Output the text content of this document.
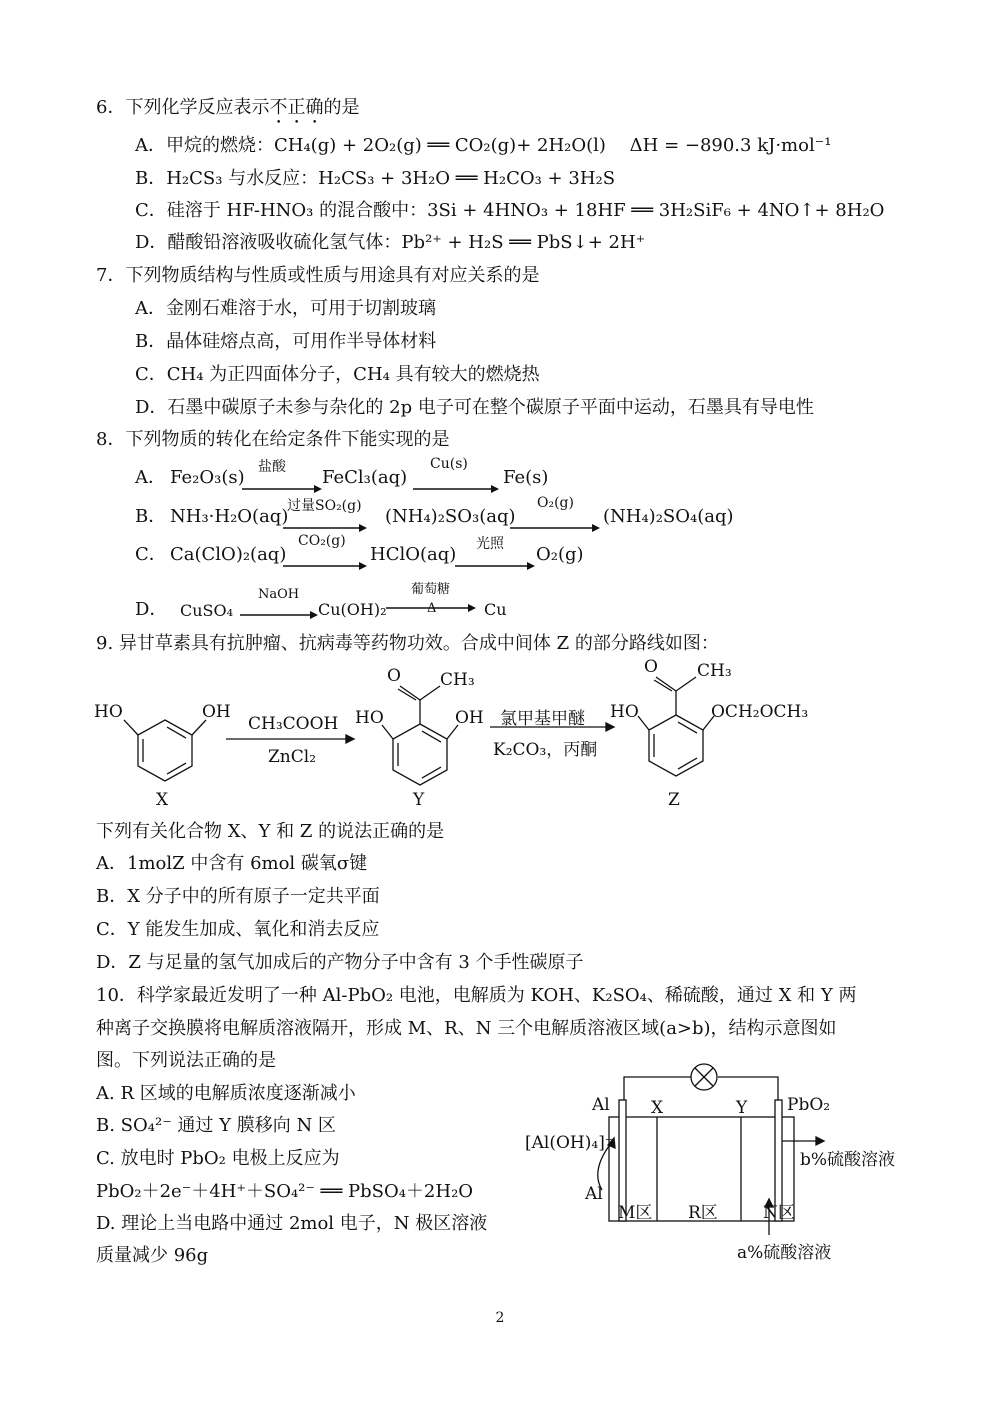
6．下列化学反应表示不正确的是
A．甲烷的燃烧：CH₄(g) + 2O₂(g) ══ CO₂(g)+ 2H₂O(l)　 ΔH = −890.3 kJ·mol⁻¹
B．H₂CS₃ 与水反应：H₂CS₃ + 3H₂O ══ H₂CO₃ + 3H₂S
C．硅溶于 HF-HNO₃ 的混合酸中：3Si + 4HNO₃ + 18HF ══ 3H₂SiF₆ + 4NO↑+ 8H₂O
D．醋酸铅溶液吸收硫化氢气体：Pb²⁺ + H₂S ══ PbS↓+ 2H⁺
7．下列物质结构与性质或性质与用途具有对应关系的是
A．金刚石难溶于水，可用于切割玻璃
B．晶体硅熔点高，可用作半导体材料
C．CH₄ 为正四面体分子，CH₄ 具有较大的燃烧热
D．石墨中碳原子未参与杂化的 2p 电子可在整个碳原子平面中运动，石墨具有导电性
8．下列物质的转化在给定条件下能实现的是
A． Fe₂O₃(s) 盐酸 FeCl₃(aq)
Cu(s)
Fe(s)
B． NH₃·H₂O(aq)
过量SO₂(g) (NH₄)₂SO₃(aq)
O₂(g)
(NH₄)₂SO₄(aq)
C． Ca(ClO)₂(aq)
CO₂(g)
HClO(aq) 光照 O₂(g)
D． CuSO₄
NaOH
Cu(OH)₂
葡萄糖
Δ	Cu
9. 异甘草素具有抗肿瘤、抗病毒等药物功效。合成中间体 Z 的部分路线如图：
HO	OH
X
CH₃COOH
ZnCl₂
O CH₃
HO	OH
Y
氯甲基甲醚
K₂CO₃，丙酮
O CH₃
HO	OCH₂OCH₃
Z
下列有关化合物 X、Y 和 Z 的说法正确的是
A．1molZ 中含有 6mol 碳氧σ键
B．X 分子中的所有原子一定共平面
C．Y 能发生加成、氧化和消去反应
D．Z 与足量的氢气加成后的产物分子中含有 3 个手性碳原子
10．科学家最近发明了一种 Al-PbO₂ 电池，电解质为 KOH、K₂SO₄、稀硫酸，通过 X 和 Y 两
种离子交换膜将电解质溶液隔开，形成 M、R、N 三个电解质溶液区域(a>b)，结构示意图如
图。下列说法正确的是
A. R 区域的电解质浓度逐渐减小
B. SO₄²⁻ 通过 Y 膜移向 N 区
C. 放电时 PbO₂ 电极上反应为
PbO₂＋2e⁻＋4H⁺＋SO₄²⁻ ══ PbSO₄＋2H₂O
D. 理论上当电路中通过 2mol 电子，N 极区溶液
质量减少 96g
Al X	Y PbO₂
[Al(OH)₄]⁻
b%硫酸溶液
Al
M区 R区	N区
a%硫酸溶液
2
